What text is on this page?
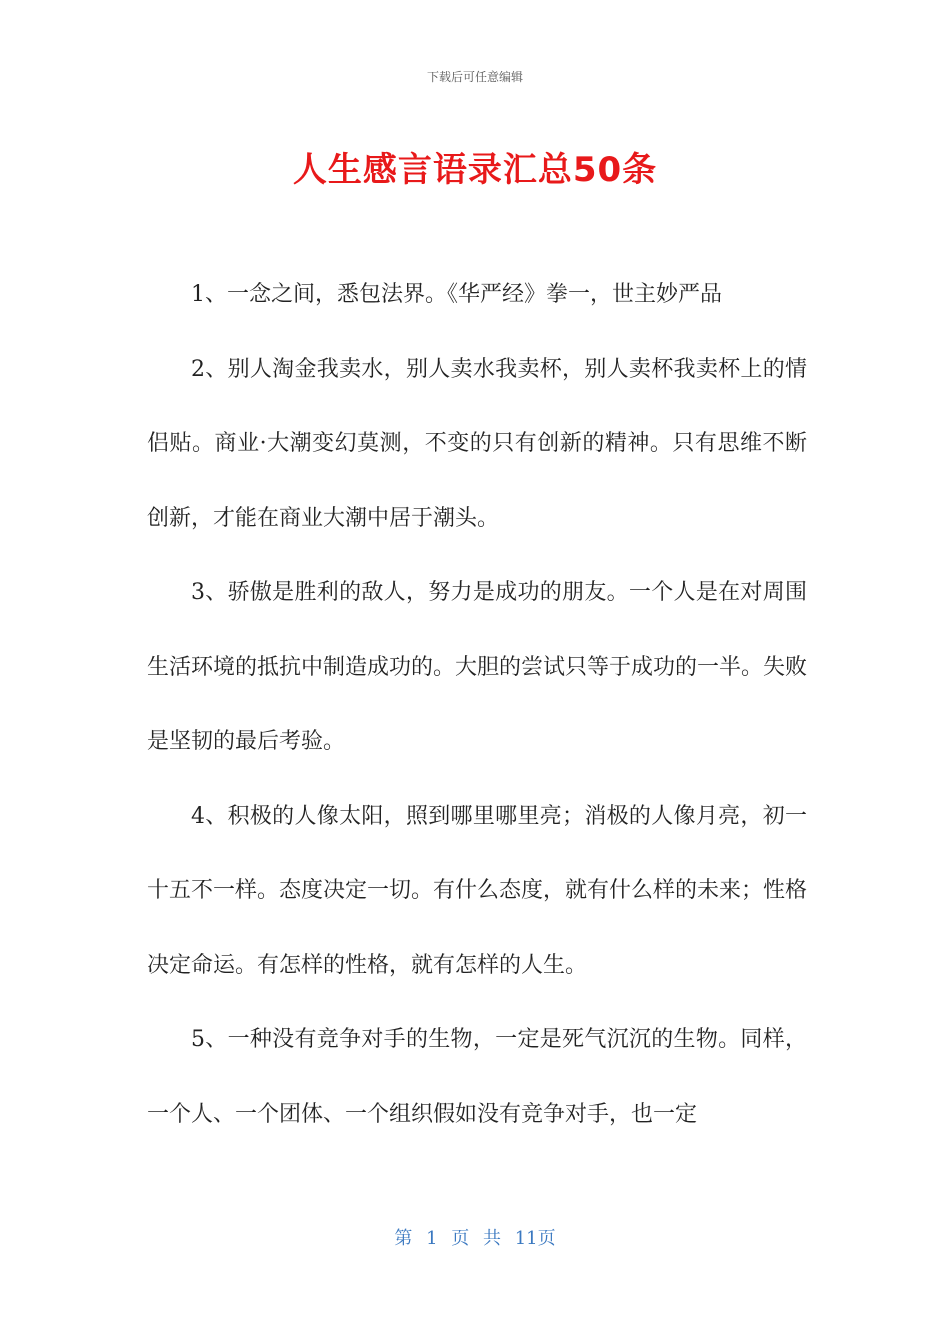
下载后可任意编辑
人生感言语录汇总50条

1、一念之间，悉包法界。《华严经》拳一，世主妙严品

2、别人淘金我卖水，别人卖水我卖杯，别人卖杯我卖杯上的情侣贴。商业·大潮变幻莫测，不变的只有创新的精神。只有思维不断创新，才能在商业大潮中居于潮头。

3、骄傲是胜利的敌人，努力是成功的朋友。一个人是在对周围生活环境的抵抗中制造成功的。大胆的尝试只等于成功的一半。失败是坚韧的最后考验。

4、积极的人像太阳，照到哪里哪里亮；消极的人像月亮，初一十五不一样。态度决定一切。有什么态度，就有什么样的未来；性格决定命运。有怎样的性格，就有怎样的人生。

5、一种没有竞争对手的生物，一定是死气沉沉的生物。同样，一个人、一个团体、一个组织假如没有竞争对手，也一定

第 1 页 共 11页
